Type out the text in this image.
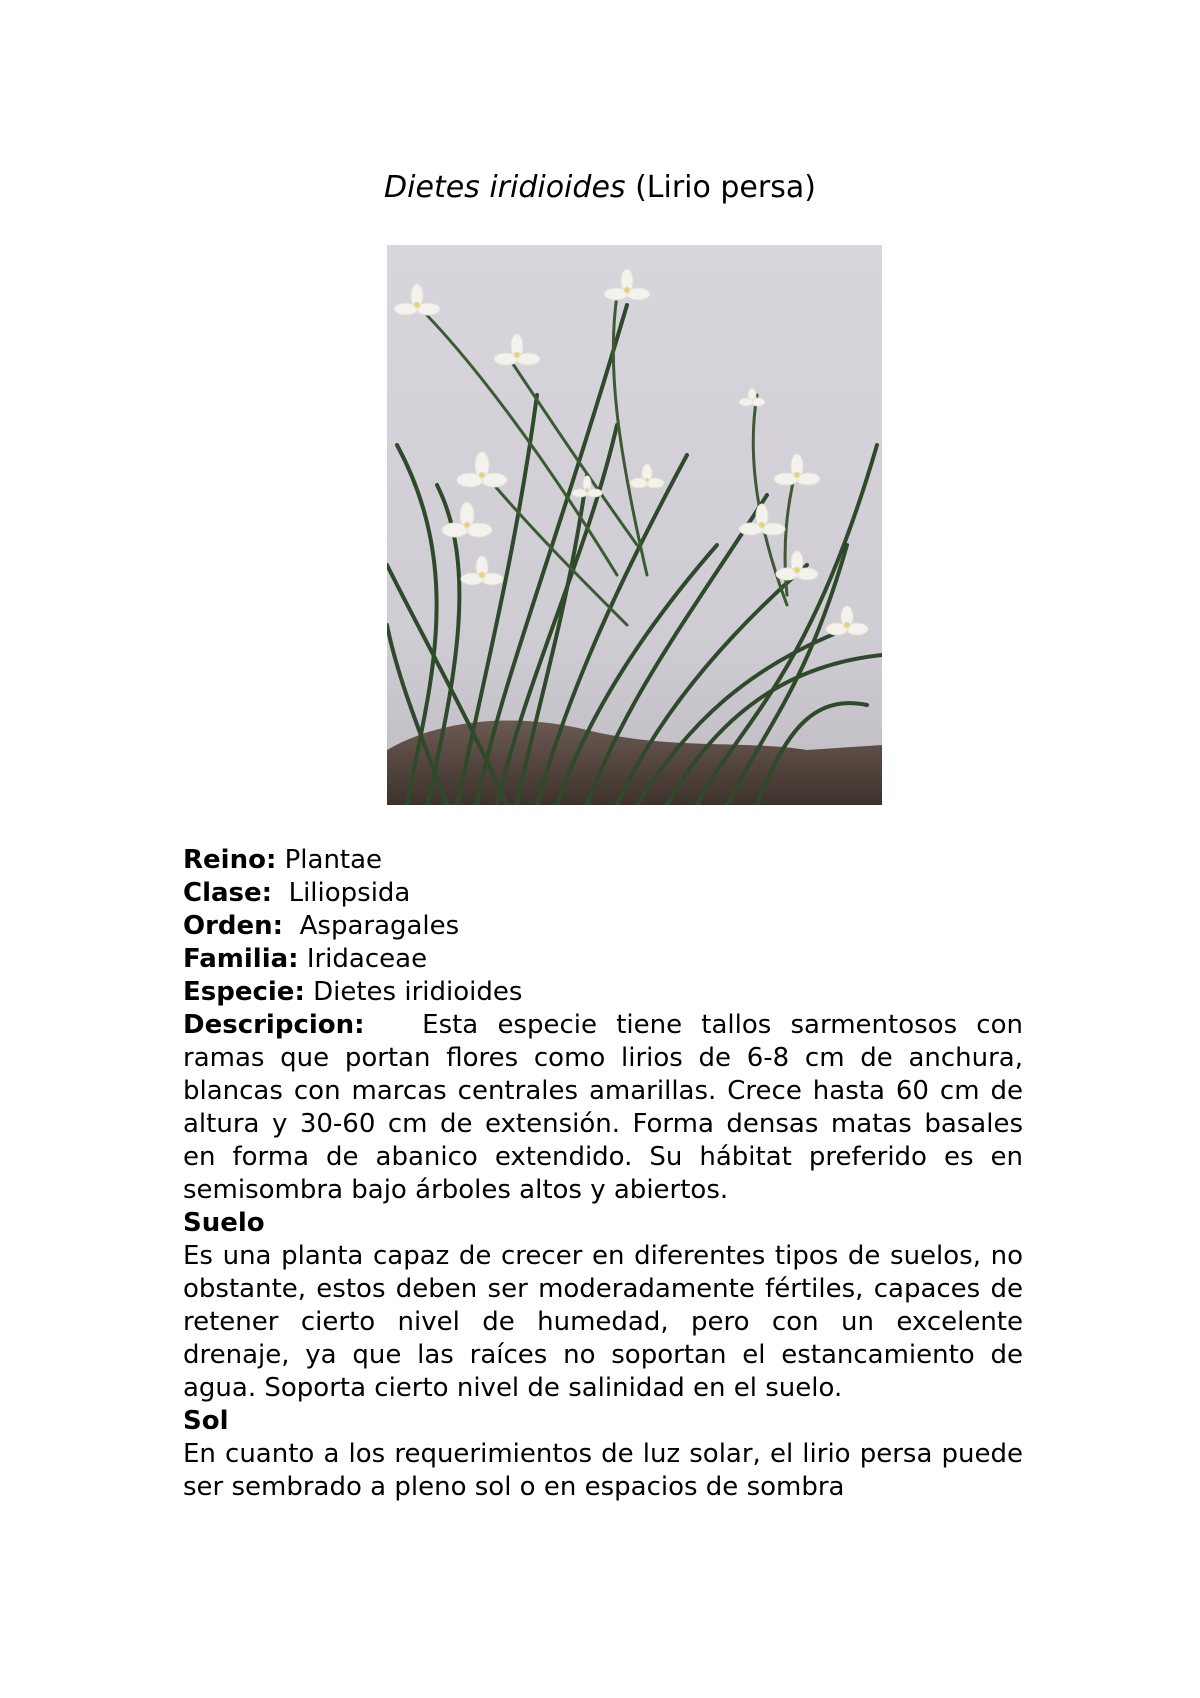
Dietes iridioides (Lirio persa)

Reino: Plantae

Clase: Liliopsida

Orden: Asparagales

Familia: Iridaceae

Especie: Dietes iridioides

Descripcion: Esta especie tiene tallos sarmentosos con ramas que portan flores como lirios de 6-8 cm de anchura, blancas con marcas centrales amarillas. Crece hasta 60 cm de altura y 30-60 cm de extensión. Forma densas matas basales en forma de abanico extendido. Su hábitat preferido es en semisombra bajo árboles altos y abiertos.

Suelo

Es una planta capaz de crecer en diferentes tipos de suelos, no obstante, estos deben ser moderadamente fértiles, capaces de retener cierto nivel de humedad, pero con un excelente drenaje, ya que las raíces no soportan el estancamiento de agua. Soporta cierto nivel de salinidad en el suelo.

Sol

En cuanto a los requerimientos de luz solar, el lirio persa puede ser sembrado a pleno sol o en espacios de sombra
